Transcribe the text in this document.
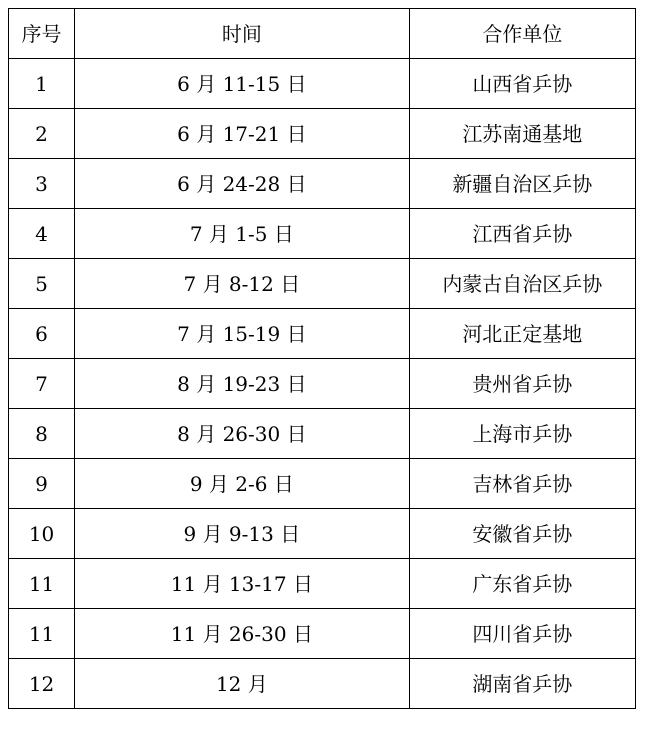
序号	时间	合作单位
1	6 月 11-15 日	山西省乒协
2	6 月 17-21 日	江苏南通基地
3	6 月 24-28 日	新疆自治区乒协
4	7 月 1-5 日	江西省乒协
5	7 月 8-12 日	内蒙古自治区乒协
6	7 月 15-19 日	河北正定基地
7	8 月 19-23 日	贵州省乒协
8	8 月 26-30 日	上海市乒协
9	9 月 2-6 日	吉林省乒协
10	9 月 9-13 日	安徽省乒协
11	11 月 13-17 日	广东省乒协
11	11 月 26-30 日	四川省乒协
12	12 月	湖南省乒协
